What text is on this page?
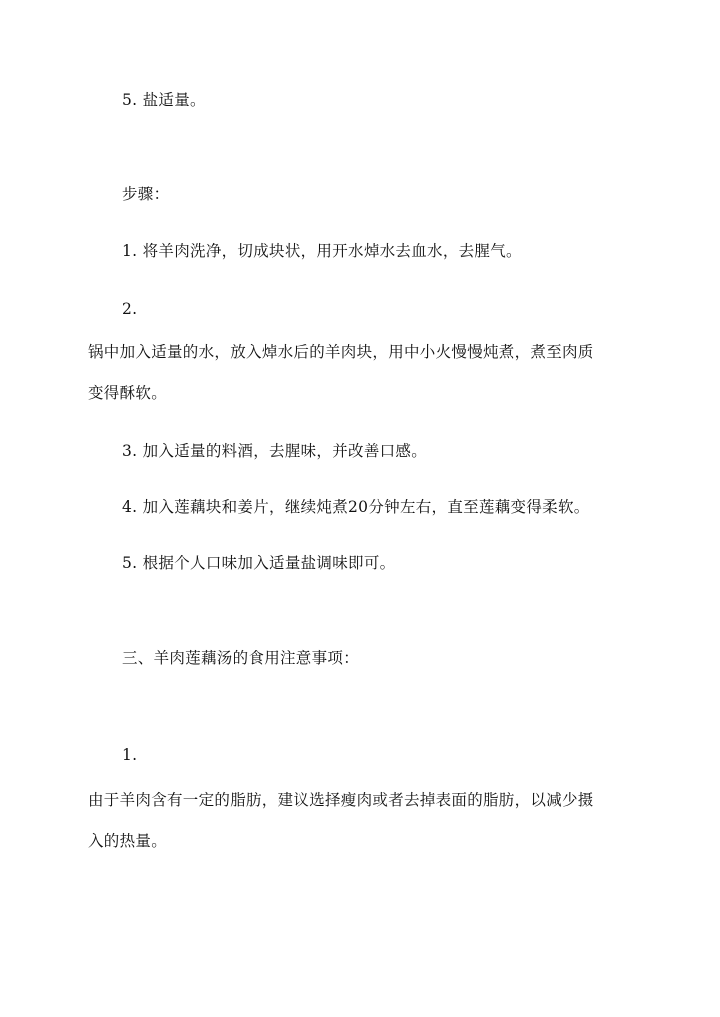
5. 盐适量。
步骤：
1. 将羊肉洗净，切成块状，用开水焯水去血水，去腥气。
2.
锅中加入适量的水，放入焯水后的羊肉块，用中小火慢慢炖煮，煮至肉质
变得酥软。
3. 加入适量的料酒，去腥味，并改善口感。
4. 加入莲藕块和姜片，继续炖煮20分钟左右，直至莲藕变得柔软。
5. 根据个人口味加入适量盐调味即可。
三、羊肉莲藕汤的食用注意事项：
1.
由于羊肉含有一定的脂肪，建议选择瘦肉或者去掉表面的脂肪，以减少摄
入的热量。
